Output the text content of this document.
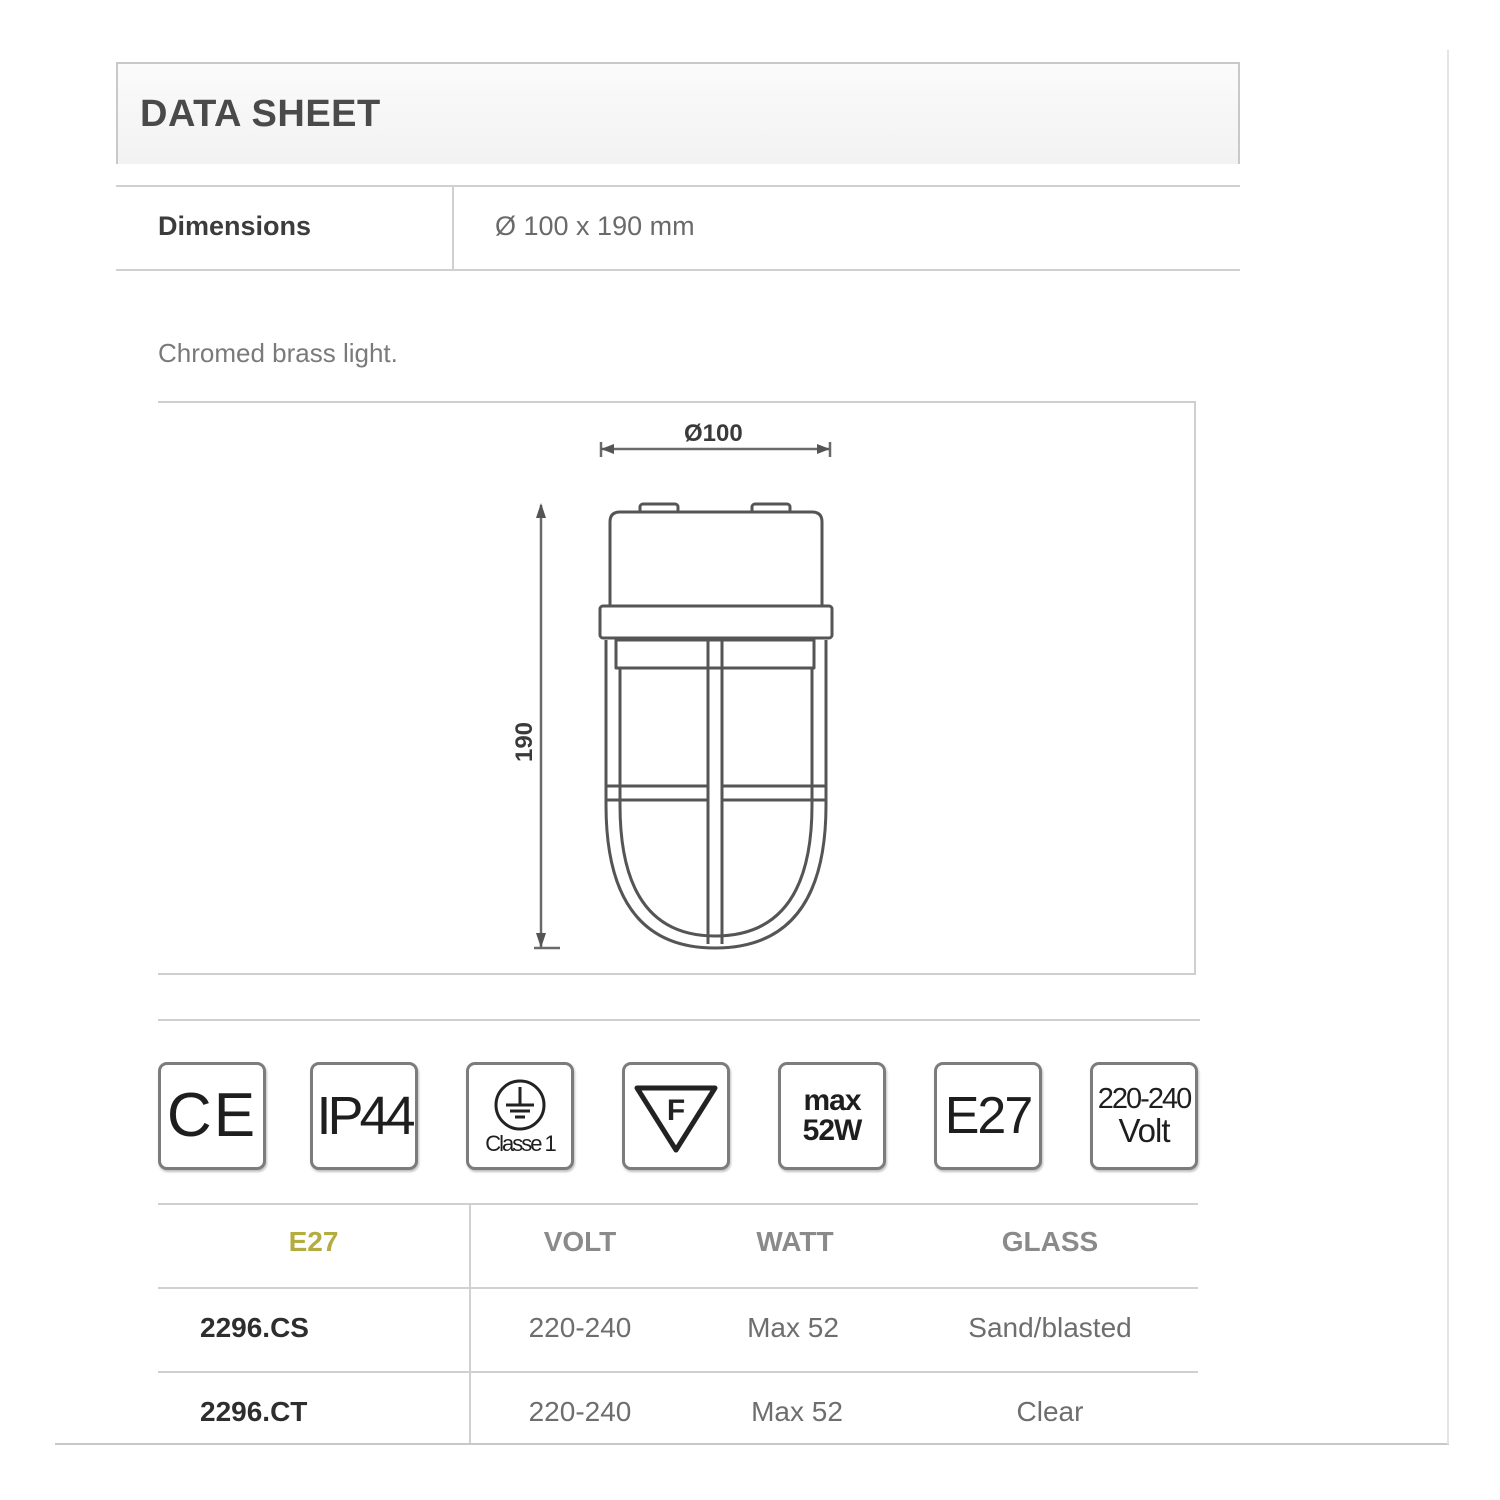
DATA SHEET
Dimensions	Ø 100 x 190 mm
Chromed brass light.
Ø100
190
CE IP44	Classe 1
F	max
52W E27 220-240
Volt
E27	VOLT	WATT	GLASS
2296.CS	220-240	Max 52	Sand/blasted
2296.CT	220-240	Max 52	Clear
